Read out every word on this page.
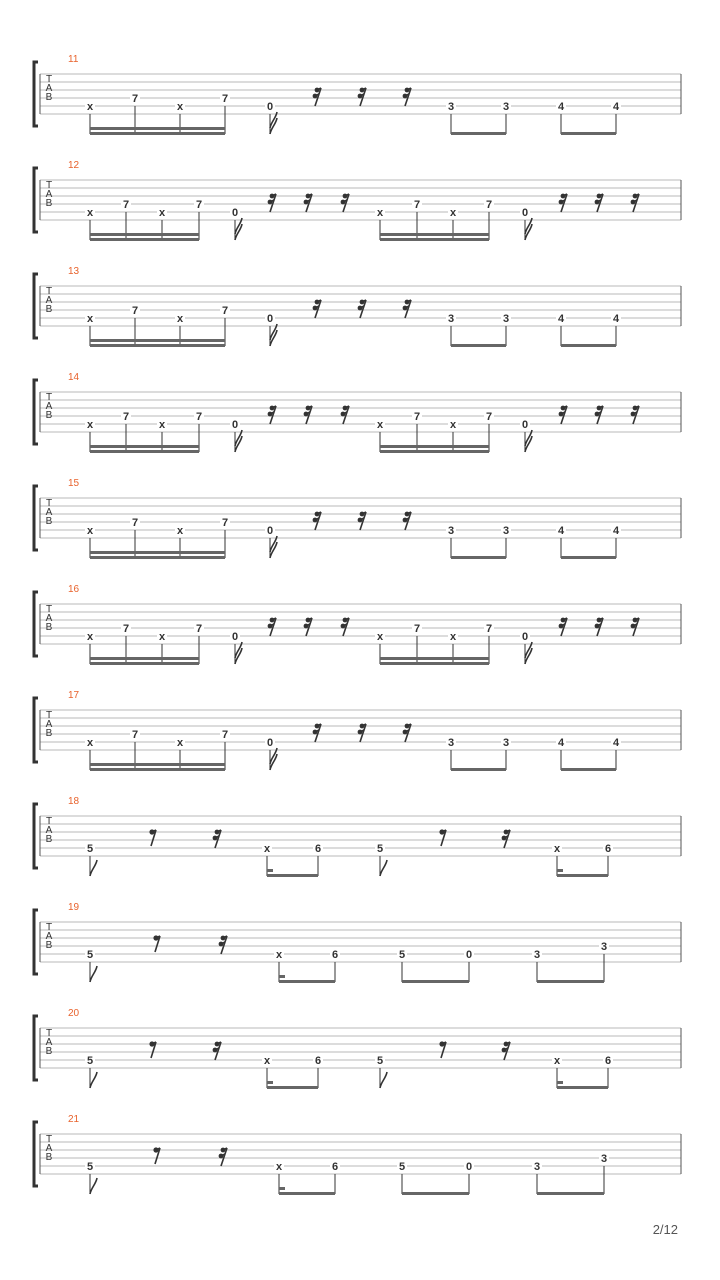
11
T
A
B
x
7
x
7
0	3	3	4	4
12
T
A
B
x
7
x
7
0	x
7
x
7
0
13
T
A
B
x
7
x
7
0	3	3	4	4
14
T
A
B
x
7
x
7
0	x
7
x
7
0
15
T
A
B
x
7
x
7
0	3	3	4	4
16
T
A
B
x
7
x
7
0	x
7
x
7
0
17
T
A
B
x
7
x
7
0	3	3	4	4
18
T
A
B
5	x	6	5	x	6
19
T
A
B
5	x	6	5	0	3
3
20
T
A
B
5	x	6	5	x	6
21
T
A
B
5	x	6	5	0	3
3
2/12
